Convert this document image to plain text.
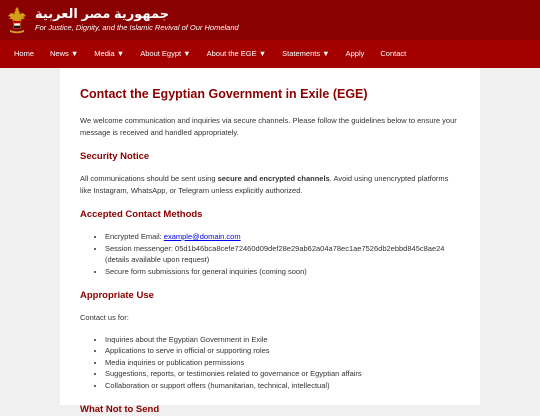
جمهورية مصر العربية
For Justice, Dignity, and the Islamic Revival of Our Homeland
Home	News ▼	Media ▼	About Egypt ▼	About the EGE ▼	Statements ▼	Apply	Contact
Contact the Egyptian Government in Exile (EGE)

We welcome communication and inquiries via secure channels. Please follow the guidelines below to ensure your message is received and handled appropriately.

Security Notice

All communications should be sent using secure and encrypted channels. Avoid using unencrypted platforms like Instagram, WhatsApp, or Telegram unless explicitly authorized.

Accepted Contact Methods
• Encrypted Email: example@domain.com
• Session messenger: 05d1b46bca8cefe72460d09def28e29ab62a04a78ec1ae7526db2ebbd845c8ae24 (details available upon request)
• Secure form submissions for general inquiries (coming soon)
Appropriate Use

Contact us for:

• Inquiries about the Egyptian Government in Exile
• Applications to serve in official or supporting roles
• Media inquiries or publication permissions
• Suggestions, reports, or testimonies related to governance or Egyptian affairs
• Collaboration or support offers (humanitarian, technical, intellectual)
What Not to Send
